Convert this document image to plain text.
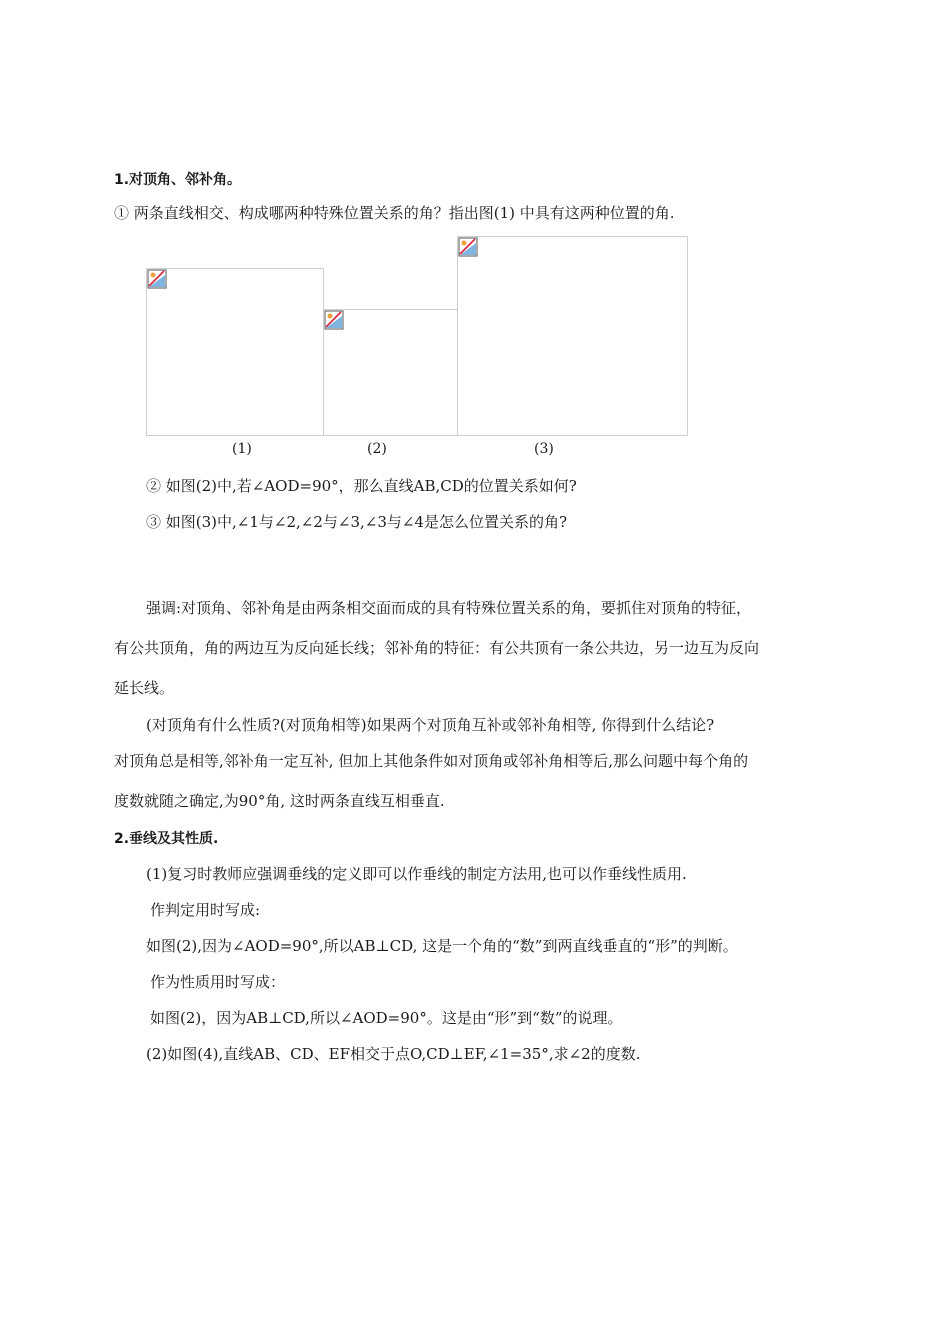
1.对顶角、邻补角。
① 两条直线相交、构成哪两种特殊位置关系的角？指出图(1) 中具有这两种位置的角.
(1)	(2)	(3)
② 如图(2)中,若∠AOD=90°，那么直线AB,CD的位置关系如何?
③ 如图(3)中,∠1与∠2,∠2与∠3,∠3与∠4是怎么位置关系的角?
强调:对顶角、邻补角是由两条相交面而成的具有特殊位置关系的角，要抓住对顶角的特征，
有公共顶角，角的两边互为反向延长线；邻补角的特征：有公共顶有一条公共边，另一边互为反向
延长线。
(对顶角有什么性质?(对顶角相等)如果两个对顶角互补或邻补角相等, 你得到什么结论?
对顶角总是相等,邻补角一定互补, 但加上其他条件如对顶角或邻补角相等后,那么问题中每个角的
度数就随之确定,为90°角, 这时两条直线互相垂直.
2.垂线及其性质.
(1)复习时教师应强调垂线的定义即可以作垂线的制定方法用,也可以作垂线性质用.
作判定用时写成:
如图(2),因为∠AOD=90°,所以AB⊥CD, 这是一个角的“数”到两直线垂直的“形”的判断。
作为性质用时写成：
如图(2)，因为AB⊥CD,所以∠AOD=90°。这是由“形”到“数”的说理。
(2)如图(4),直线AB、CD、EF相交于点O,CD⊥EF,∠1=35°,求∠2的度数.
